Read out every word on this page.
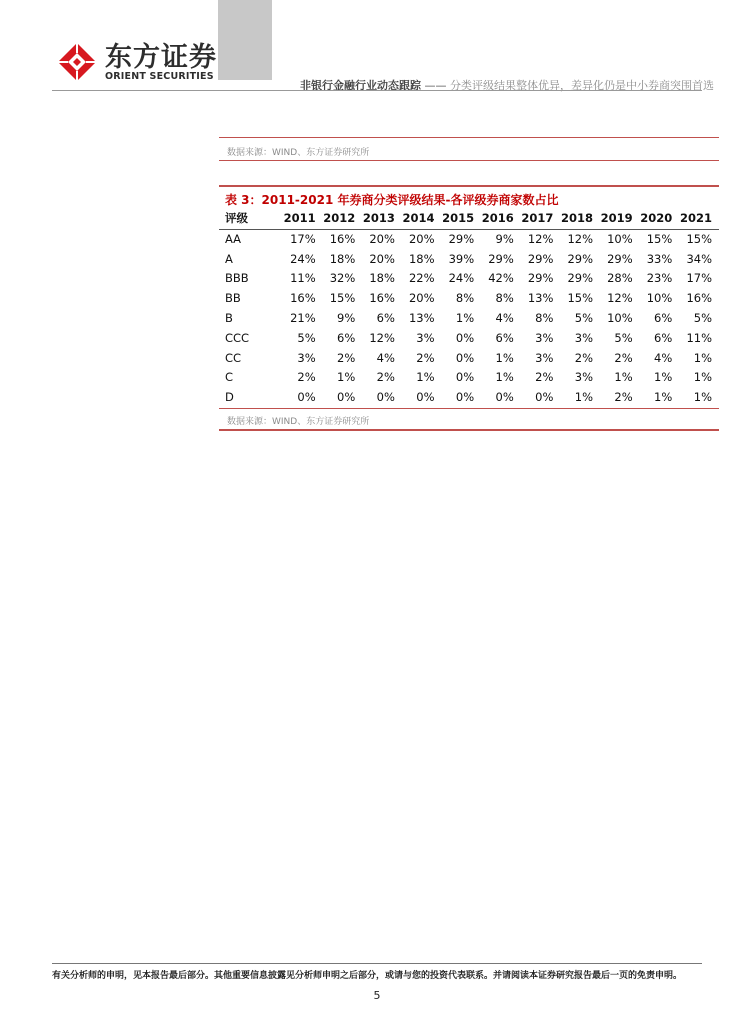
东方证券
ORIENT SECURITIES
非银行金融行业动态跟踪 —— 分类评级结果整体优异，差异化仍是中小券商突围首选
数据来源：WIND、东方证券研究所
表 3：2011-2021 年券商分类评级结果-各评级券商家数占比
评级	2011	2012	2013	2014	2015	2016	2017	2018	2019	2020	2021
AA	17%	16%	20%	20%	29%	9%	12%	12%	10%	15%	15%
A	24%	18%	20%	18%	39%	29%	29%	29%	29%	33%	34%
BBB	11%	32%	18%	22%	24%	42%	29%	29%	28%	23%	17%
BB	16%	15%	16%	20%	8%	8%	13%	15%	12%	10%	16%
B	21%	9%	6%	13%	1%	4%	8%	5%	10%	6%	5%
CCC	5%	6%	12%	3%	0%	6%	3%	3%	5%	6%	11%
CC	3%	2%	4%	2%	0%	1%	3%	2%	2%	4%	1%
C	2%	1%	2%	1%	0%	1%	2%	3%	1%	1%	1%
D	0%	0%	0%	0%	0%	0%	0%	1%	2%	1%	1%
数据来源：WIND、东方证券研究所
有关分析师的申明，见本报告最后部分。其他重要信息披露见分析师申明之后部分，或请与您的投资代表联系。并请阅读本证券研究报告最后一页的免责申明。
5
